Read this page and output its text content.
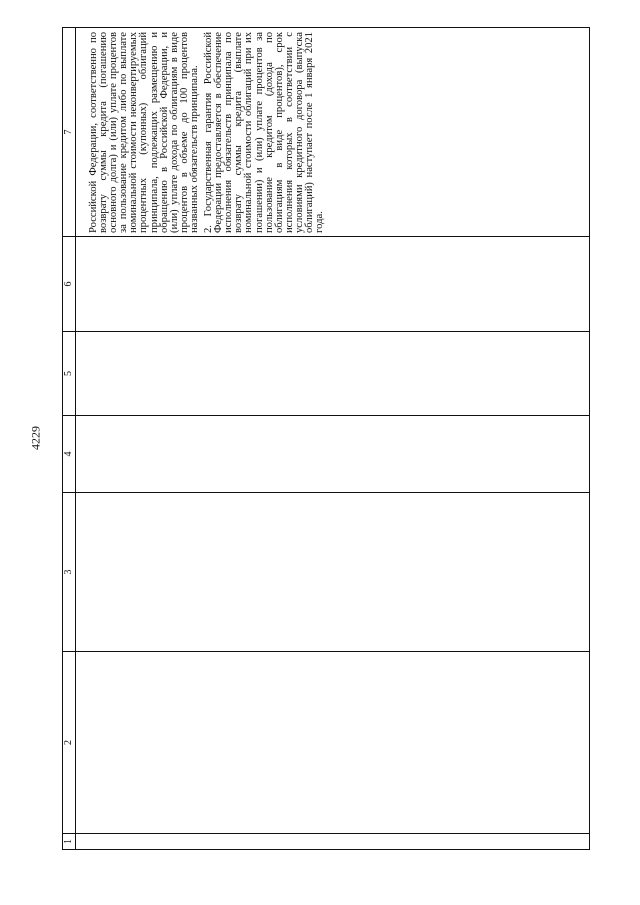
4229
1	2	3	4	5	6	7

						Российской Федерации, соответственно по возврату суммы кредита (погашению основного долга) и (или) уплате процентов за пользование кредитом либо по выплате номинальной стоимости неконвертируемых процентных (купонных) облигаций принципала, подлежащих размещению и обращению в Российской Федерации, и (или) уплате дохода по облигациям в виде процентов в объеме до 100 процентов названных обязательств принципала. 2. Государственная гарантия Российской Федерации предоставляется в обеспечение исполнения обязательств принципала по возврату суммы кредита (выплате номинальной стоимости облигаций при их погашении) и (или) уплате процентов за пользование кредитом (дохода по облигациям в виде процентов), срок исполнения которых в соответствии с условиями кредитного договора (выпуска облигаций) наступает после 1 января 2021 года.
